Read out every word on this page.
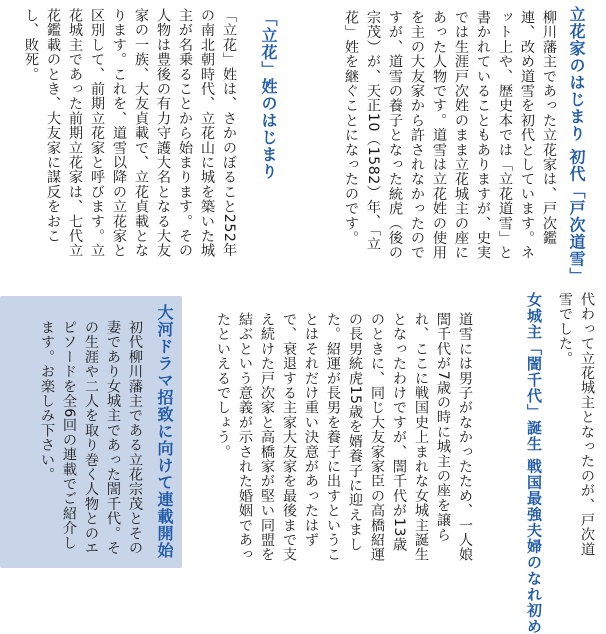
立花家のはじまり 初代「戸次道雪」
柳川藩主であった立花家は、戸次鑑連、改め道雪を初代としています。ネット上や、歴史本では「立花道雪」と書かれていることもありますが、史実では生涯戸次姓のまま立花城主の座にあった人物です。道雪は立花姓の使用を主の大友家から許されなかったのですが、道雪の養子となった統虎（後の宗茂）が、天正10（1582）年、「立花」姓を継ぐことになったのです。
「立花」姓のはじまり
「立花」姓は、さかのぼること252年の南北朝時代、立花山に城を築いた城主が名乗ることから始まります。その人物は豊後の有力守護大名となる大友家の一族、大友貞載で、立花貞載となります。これを、道雪以降の立花家と区別して、前期立花家と呼びます。立花城主であった前期立花家は、七代立花鑑載のとき、大友家に謀反をおこし、敗死。
代わって立花城主となったのが、戸次道雪でした。
女城主「誾千代」誕生 戦国最強夫婦のなれ初め
道雪には男子がなかったため、一人娘誾千代が7歳の時に城主の座を譲られ、ここに戦国史上まれな女城主誕生となったわけですが、誾千代が13歳のときに、同じ大友家家臣の高橋紹運の長男統虎15歳を婿養子に迎えました。紹運が長男を養子に出すということはそれだけ重い決意があったはずで、衰退する主家大友家を最後まで支え続けた戸次家と高橋家が堅い同盟を結ぶという意義が示された婚姻であったといえるでしょう。
大河ドラマ招致に向けて連載開始
初代柳川藩主である立花宗茂とその妻であり女城主であった誾千代。その生涯や二人を取り巻く人物とのエピソードを全6回の連載でご紹介します。お楽しみ下さい。
